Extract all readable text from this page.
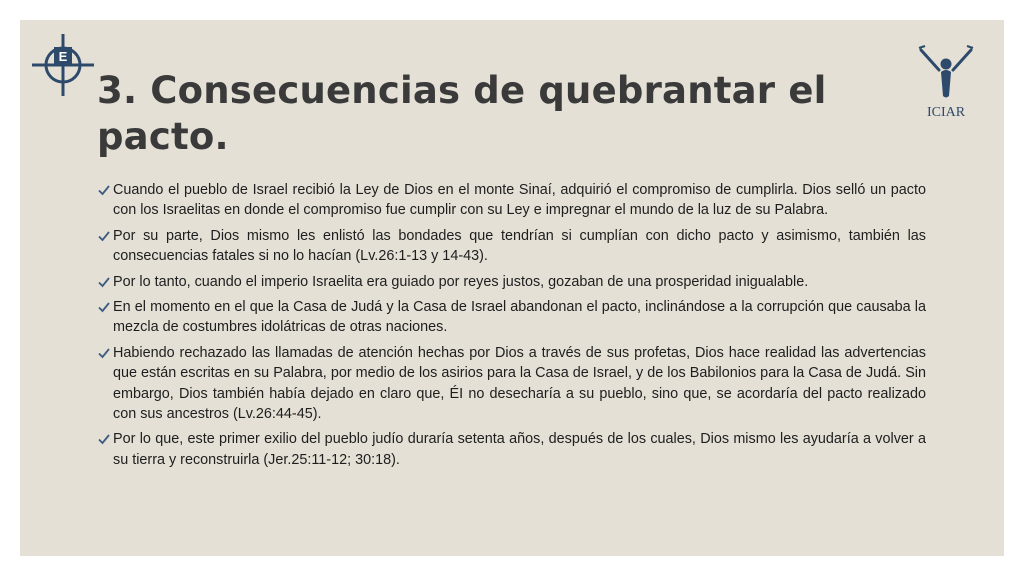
E
ICIAR
3. Consecuencias de quebrantar el pacto.
Cuando el pueblo de Israel recibió la Ley de Dios en el monte Sinaí, adquirió el compromiso de cumplirla. Dios selló un pacto con los Israelitas en donde el compromiso fue cumplir con su Ley e impregnar el mundo de la luz de su Palabra.
Por su parte, Dios mismo les enlistó las bondades que tendrían si cumplían con dicho pacto y asimismo, también las consecuencias fatales si no lo hacían (Lv.26:1-13 y 14-43).
Por lo tanto, cuando el imperio Israelita era guiado por reyes justos, gozaban de una prosperidad inigualable.
En el momento en el que la Casa de Judá y la Casa de Israel abandonan el pacto, inclinándose a la corrupción que causaba la mezcla de costumbres idolátricas de otras naciones.
Habiendo rechazado las llamadas de atención hechas por Dios a través de sus profetas, Dios hace realidad las advertencias que están escritas en su Palabra, por medio de los asirios para la Casa de Israel, y de los Babilonios para la Casa de Judá. Sin embargo, Dios también había dejado en claro que, ÉI no desecharía a su pueblo, sino que, se acordaría del pacto realizado con sus ancestros (Lv.26:44-45).
Por lo que, este primer exilio del pueblo judío duraría setenta años, después de los cuales, Dios mismo les ayudaría a volver a su tierra y reconstruirla (Jer.25:11-12; 30:18).
